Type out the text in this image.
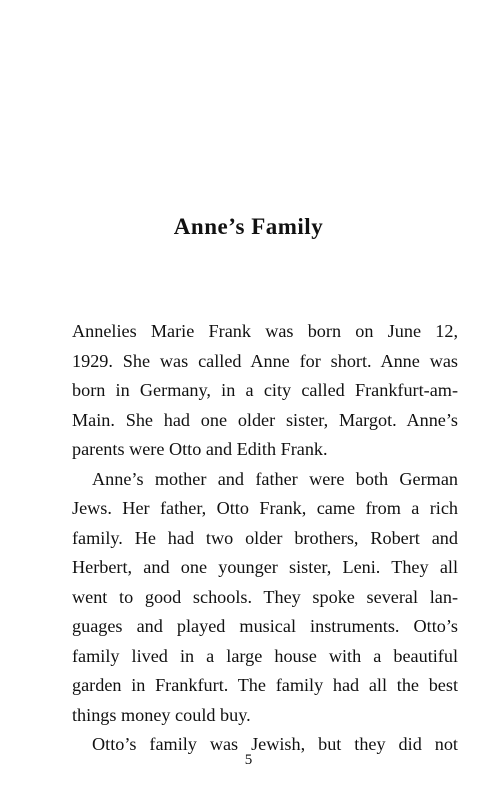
Anne’s Family
Annelies Marie Frank was born on June 12,
1929. She was called Anne for short. Anne was
born in Germany, in a city called Frankfurt-am-
Main. She had one older sister, Margot. Anne’s
parents were Otto and Edith Frank.
Anne’s mother and father were both German
Jews. Her father, Otto Frank, came from a rich
family. He had two older brothers, Robert and
Herbert, and one younger sister, Leni. They all
went to good schools. They spoke several lan-
guages and played musical instruments. Otto’s
family lived in a large house with a beautiful
garden in Frankfurt. The family had all the best
things money could buy.
Otto’s family was Jewish, but they did not
5
